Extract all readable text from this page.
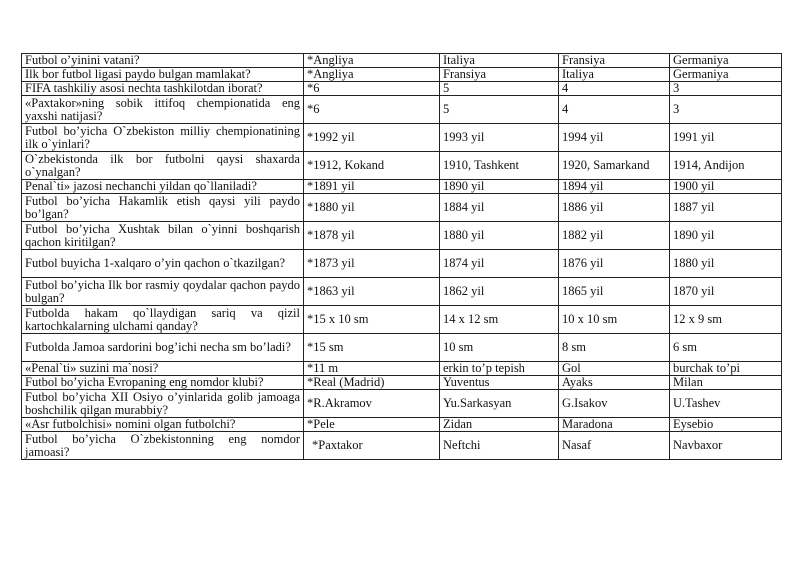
Futbol o’yinini vatani?	*Angliya	Italiya	Fransiya	Germaniya
Ilk bor futbol ligasi paydo bulgan mamlakat?	*Angliya	Fransiya	Italiya	Germaniya
FIFA tashkiliy asosi nechta tashkilotdan iborat?	*6	5	4	3
«Paxtakor»ning sobik ittifoq chempionatida eng yaxshi natijasi?	*6	5	4	3
Futbol bo’yicha O`zbekiston milliy chempionatining ilk o`yinlari?	*1992 yil	1993 yil	1994 yil	1991 yil
O`zbekistonda ilk bor futbolni qaysi shaxarda o`ynalgan?	*1912, Kokand	1910, Tashkent	1920, Samarkand	1914, Andijon
Penal`ti» jazosi nechanchi yildan qo`llaniladi?	*1891 yil	1890 yil	1894 yil	1900 yil
Futbol bo’yicha Hakamlik etish qaysi yili paydo bo’lgan?	*1880 yil	1884 yil	1886 yil	1887 yil
Futbol bo’yicha Xushtak bilan o`yinni boshqarish qachon kiritilgan?	*1878 yil	1880 yil	1882 yil	1890 yil
Futbol buyicha 1-xalqaro o’yin qachon o`tkazilgan?	*1873 yil	1874 yil	1876 yil	1880 yil
Futbol bo’yicha Ilk bor rasmiy qoydalar qachon paydo bulgan?	*1863 yil	1862 yil	1865 yil	1870 yil
Futbolda hakam qo`llaydigan sariq va qizil kartochkalarning ulchami qanday?	*15 x 10 sm	14 x 12 sm	10 x 10 sm	12 x 9 sm
Futbolda Jamoa sardorini bog’ichi necha sm bo’ladi?	*15 sm	10 sm	8 sm	6 sm
«Penal`ti» suzini ma`nosi?	*11 m	erkin to’p tepish	Gol	burchak to’pi
Futbol bo’yicha Evropaning eng nomdor klubi?	*Real (Madrid)	Yuventus	Ayaks	Milan
Futbol bo’yicha XII Osiyo o’yinlarida golib jamoaga boshchilik qilgan murabbiy?	*R.Akramov	Yu.Sarkasyan	G.Isakov	U.Tashev
«Asr futbolchisi» nomini olgan futbolchi?	*Pele	Zidan	Maradona	Eysebio
Futbol bo’yicha O`zbekistonning eng nomdor jamoasi?	*Paxtakor	Neftchi	Nasaf	Navbaxor
